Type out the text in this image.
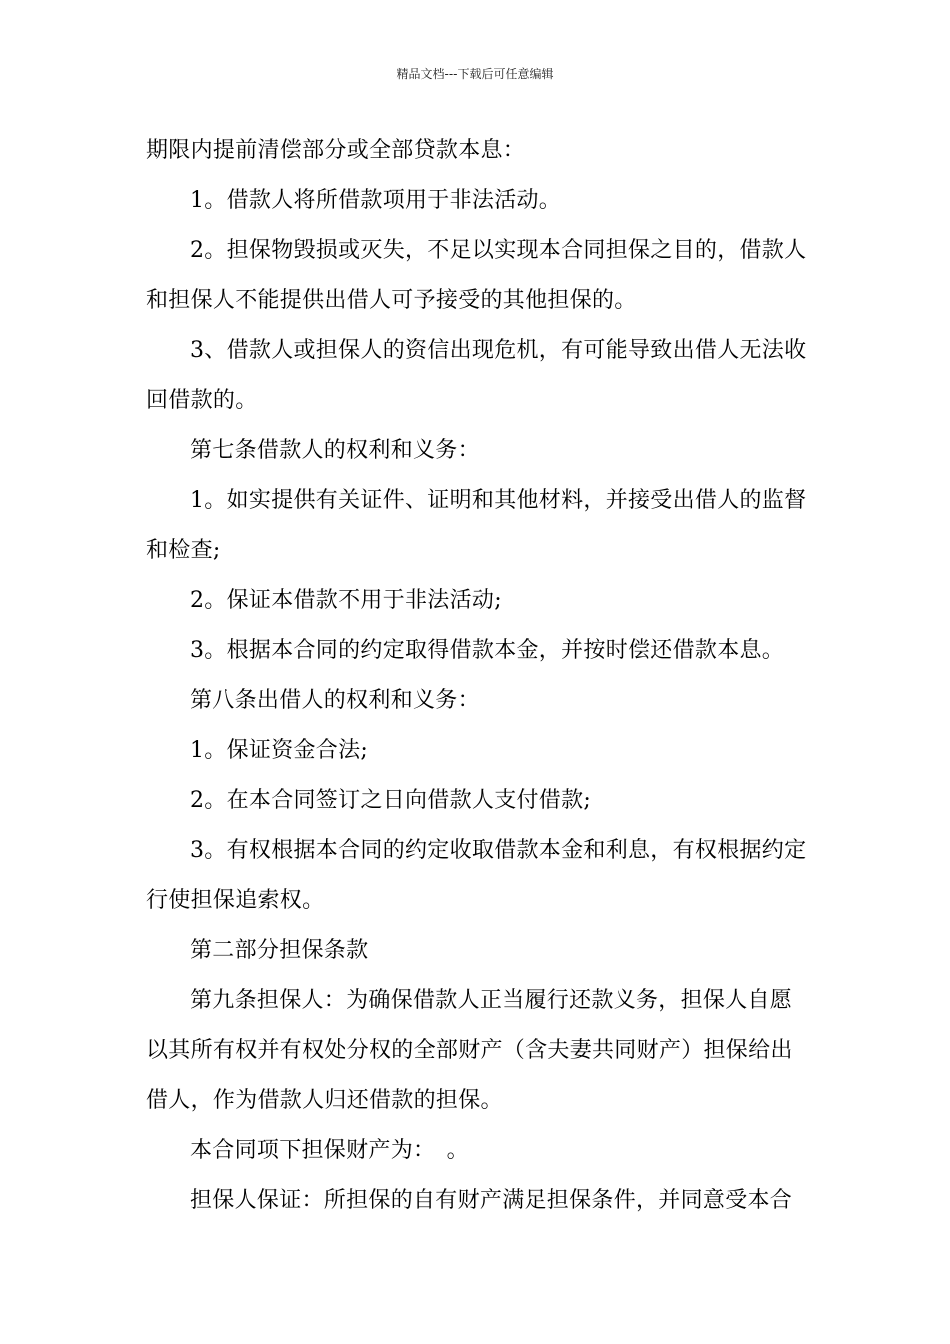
精品文档---下载后可任意编辑

期限内提前清偿部分或全部贷款本息：

1。借款人将所借款项用于非法活动。

2。担保物毁损或灭失，不足以实现本合同担保之目的，借款人和担保人不能提供出借人可予接受的其他担保的。

3、借款人或担保人的资信出现危机，有可能导致出借人无法收回借款的。

第七条借款人的权利和义务：

1。如实提供有关证件、证明和其他材料，并接受出借人的监督和检查;

2。保证本借款不用于非法活动;

3。根据本合同的约定取得借款本金，并按时偿还借款本息。

第八条出借人的权利和义务：

1。保证资金合法;

2。在本合同签订之日向借款人支付借款;

3。有权根据本合同的约定收取借款本金和利息，有权根据约定行使担保追索权。

第二部分担保条款

第九条担保人：为确保借款人正当履行还款义务，担保人自愿以其所有权并有权处分权的全部财产（含夫妻共同财产）担保给出借人，作为借款人归还借款的担保。

本合同项下担保财产为：　。

担保人保证：所担保的自有财产满足担保条件，并同意受本合
